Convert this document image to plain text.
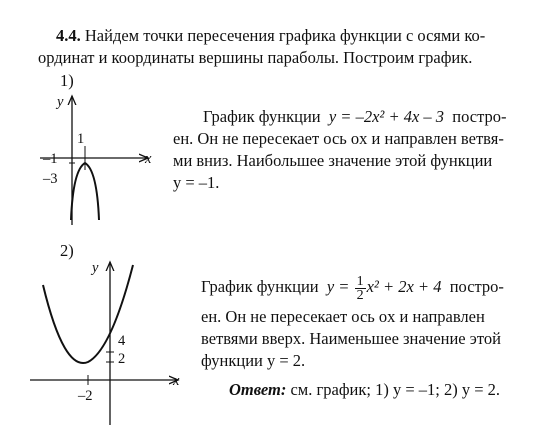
4.4. Найдем точки пересечения графика функции с осями ко-
ординат и координаты вершины параболы. Построим график.
1)
y
x
1
–1
–3
График функции y = –2x² + 4x – 3 постро-
ен. Он не пересекает ось ox и направлен ветвя-
ми вниз. Наибольшее значение этой функции
y = –1.
2)
y
x
4
2
–2
График функции $y = \frac{1}{2} x^2 + 2x + 4$ постро-
ен. Он не пересекает ось ox и направлен
ветвями вверх. Наименьшее значение этой
функции y = 2.
Ответ: см. график; 1) y = –1; 2) y = 2.
